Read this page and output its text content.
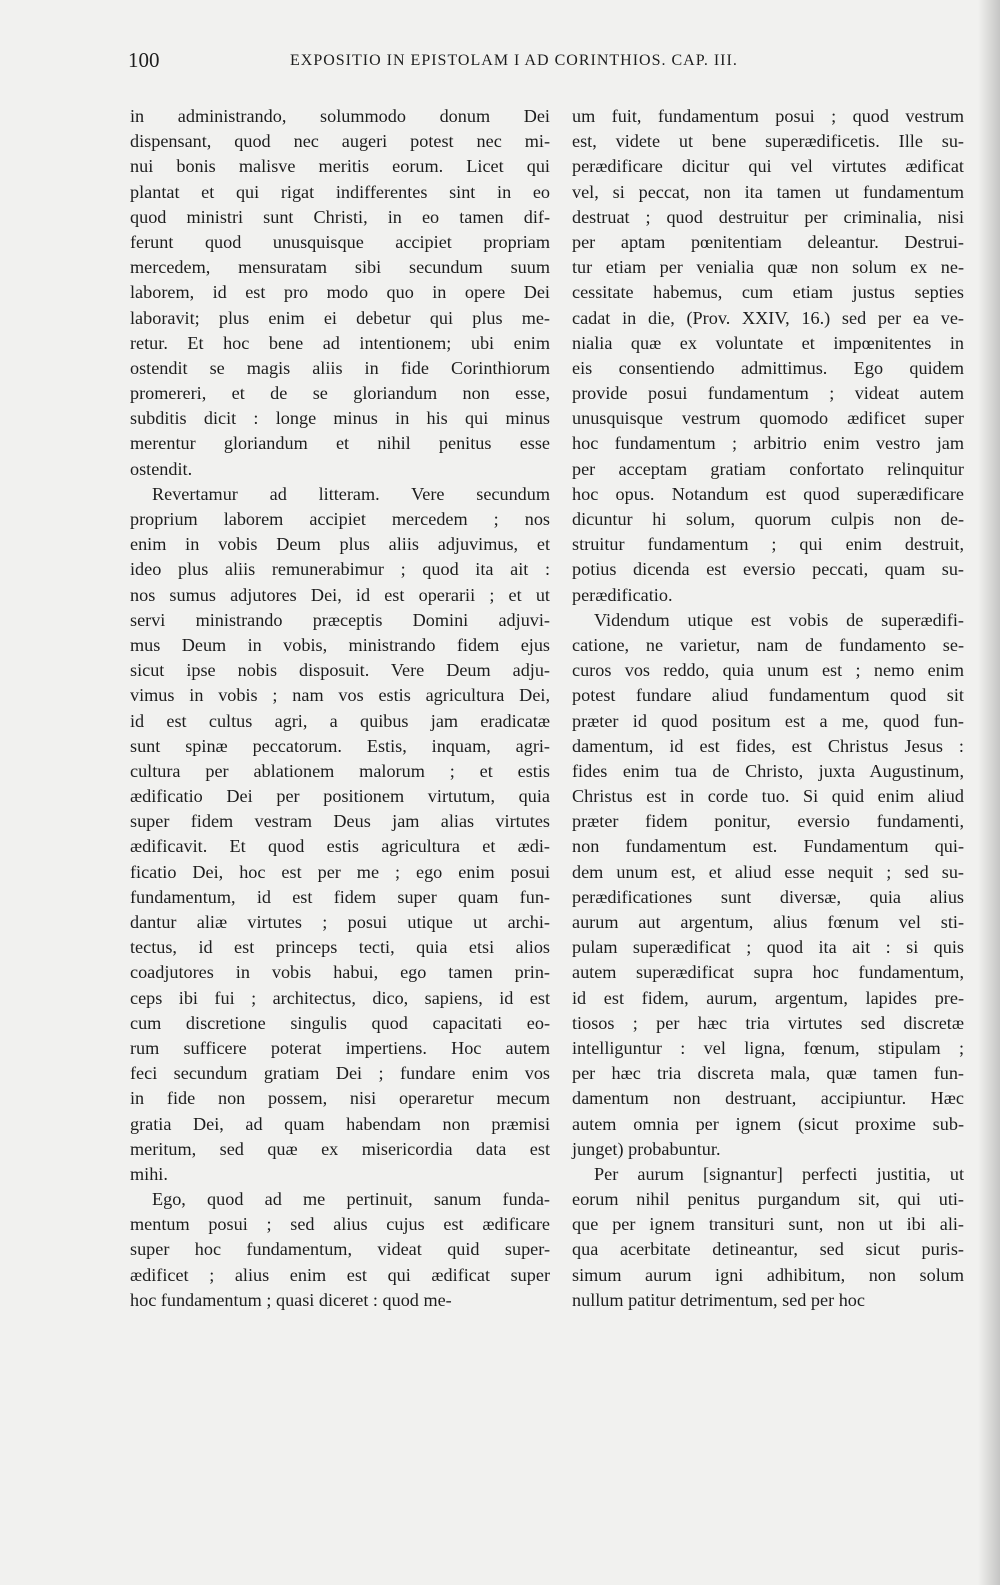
100	EXPOSITIO IN EPISTOLAM I AD CORINTHIOS. CAP. III.
in administrando, solummodo donum Dei
dispensant, quod nec augeri potest nec mi-
nui bonis malisve meritis eorum. Licet qui
plantat et qui rigat indifferentes sint in eo
quod ministri sunt Christi, in eo tamen dif-
ferunt quod unusquisque accipiet propriam
mercedem, mensuratam sibi secundum suum
laborem, id est pro modo quo in opere Dei
laboravit; plus enim ei debetur qui plus me-
retur. Et hoc bene ad intentionem; ubi enim
ostendit se magis aliis in fide Corinthiorum
promereri, et de se gloriandum non esse,
subditis dicit : longe minus in his qui minus
merentur gloriandum et nihil penitus esse
ostendit.
Revertamur ad litteram. Vere secundum
proprium laborem accipiet mercedem ; nos
enim in vobis Deum plus aliis adjuvimus, et
ideo plus aliis remunerabimur ; quod ita ait :
nos sumus adjutores Dei, id est operarii ; et ut
servi ministrando præceptis Domini adjuvi-
mus Deum in vobis, ministrando fidem ejus
sicut ipse nobis disposuit. Vere Deum adju-
vimus in vobis ; nam vos estis agricultura Dei,
id est cultus agri, a quibus jam eradicatæ
sunt spinæ peccatorum. Estis, inquam, agri-
cultura per ablationem malorum ; et estis
ædificatio Dei per positionem virtutum, quia
super fidem vestram Deus jam alias virtutes
ædificavit. Et quod estis agricultura et ædi-
ficatio Dei, hoc est per me ; ego enim posui
fundamentum, id est fidem super quam fun-
dantur aliæ virtutes ; posui utique ut archi-
tectus, id est princeps tecti, quia etsi alios
coadjutores in vobis habui, ego tamen prin-
ceps ibi fui ; architectus, dico, sapiens, id est
cum discretione singulis quod capacitati eo-
rum sufficere poterat impertiens. Hoc autem
feci secundum gratiam Dei ; fundare enim vos
in fide non possem, nisi operaretur mecum
gratia Dei, ad quam habendam non præmisi
meritum, sed quæ ex misericordia data est
mihi.
Ego, quod ad me pertinuit, sanum funda-
mentum posui ; sed alius cujus est ædificare
super hoc fundamentum, videat quid super-
ædificet ; alius enim est qui ædificat super
hoc fundamentum ; quasi diceret : quod me-
um fuit, fundamentum posui ; quod vestrum
est, videte ut bene superædificetis. Ille su-
perædificare dicitur qui vel virtutes ædificat
vel, si peccat, non ita tamen ut fundamentum
destruat ; quod destruitur per criminalia, nisi
per aptam pœnitentiam deleantur. Destrui-
tur etiam per venialia quæ non solum ex ne-
cessitate habemus, cum etiam justus septies
cadat in die, (Prov. XXIV, 16.) sed per ea ve-
nialia quæ ex voluntate et impœnitentes in
eis consentiendo admittimus. Ego quidem
provide posui fundamentum ; videat autem
unusquisque vestrum quomodo ædificet super
hoc fundamentum ; arbitrio enim vestro jam
per acceptam gratiam confortato relinquitur
hoc opus. Notandum est quod superædificare
dicuntur hi solum, quorum culpis non de-
struitur fundamentum ; qui enim destruit,
potius dicenda est eversio peccati, quam su-
perædificatio.
Videndum utique est vobis de superædifi-
catione, ne varietur, nam de fundamento se-
curos vos reddo, quia unum est ; nemo enim
potest fundare aliud fundamentum quod sit
præter id quod positum est a me, quod fun-
damentum, id est fides, est Christus Jesus :
fides enim tua de Christo, juxta Augustinum,
Christus est in corde tuo. Si quid enim aliud
præter fidem ponitur, eversio fundamenti,
non fundamentum est. Fundamentum qui-
dem unum est, et aliud esse nequit ; sed su-
perædificationes sunt diversæ, quia alius
aurum aut argentum, alius fœnum vel sti-
pulam superædificat ; quod ita ait : si quis
autem superædificat supra hoc fundamentum,
id est fidem, aurum, argentum, lapides pre-
tiosos ; per hæc tria virtutes sed discretæ
intelliguntur : vel ligna, fœnum, stipulam ;
per hæc tria discreta mala, quæ tamen fun-
damentum non destruant, accipiuntur. Hæc
autem omnia per ignem (sicut proxime sub-
junget) probabuntur.
Per aurum [signantur] perfecti justitia, ut
eorum nihil penitus purgandum sit, qui uti-
que per ignem transituri sunt, non ut ibi ali-
qua acerbitate detineantur, sed sicut puris-
simum aurum igni adhibitum, non solum
nullum patitur detrimentum, sed per hoc
